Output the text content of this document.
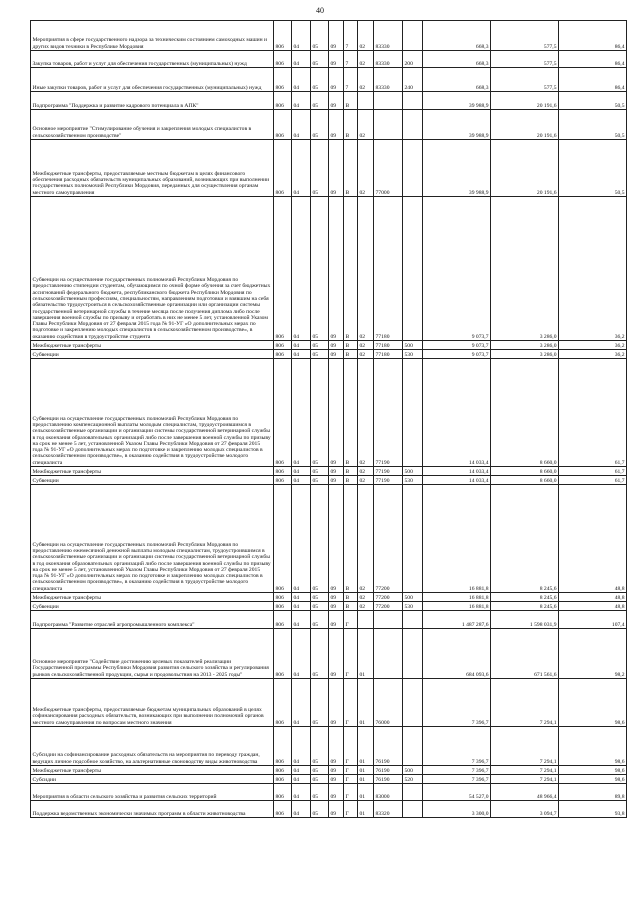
40
Мероприятия в сфере государственного надзора за техническим состоянием самоходных машин и других видов техники в Республике Мордовия	806	04	05	09	7	02	83330		668,3	577,5	86,4
Закупка товаров, работ и услуг для обеспечения государственных (муниципальных) нужд	806	04	05	09	7	02	83330	200	668,3	577,5	86,4
Иные закупки товаров, работ и услуг для обеспечения государственных (муниципальных) нужд	806	04	05	09	7	02	83330	240	668,3	577,5	86,4
Подпрограмма "Поддержка и развитие кадрового потенциала в АПК"	806	04	05	09	В				39 988,9	20 191,6	50,5
Основное мероприятие "Стимулирование обучения и закрепления молодых специалистов в сельскохозяйственном производстве"	806	04	05	09	В	02			39 988,9	20 191,6	50,5
Межбюджетные трансферты, предоставляемые местным бюджетам в целях финансового обеспечения расходных обязательств муниципальных образований, возникающих при выполнении государственных полномочий Республики Мордовия, переданных для осуществления органам местного самоуправления	806	04	05	09	В	02	77000		39 988,9	20 191,6	50,5
Субвенции на осуществление государственных полномочий Республики Мордовия по предоставлению стипендии студентам, обучающимся по очной форме обучения за счет бюджетных ассигнований федерального бюджета, республиканского бюджета Республики Мордовия по сельскохозяйственным профессиям, специальностям, направлениям подготовки и взявшим на себя обязательство трудоустроиться в сельскохозяйственные организации или организации системы государственной ветеринарной службы в течение месяца после получения диплома либо после завершения военной службы по призыву и отработать в них не менее 5 лет, установленной Указом Главы Республики Мордовия от 27 февраля 2015 года № 91-УГ «О дополнительных мерах по подготовке и закреплению молодых специалистов в сельскохозяйственном производстве», в оказанию содействия в трудоустройстве студента	806	04	05	09	В	02	77180		9 073,7	3 286,0	36,2
Межбюджетные трансферты	806	04	05	09	В	02	77180	500	9 073,7	3 286,0	36,2
Субвенции	806	04	05	09	В	02	77180	530	9 073,7	3 286,0	36,2
Субвенции на осуществление государственных полномочий Республики Мордовия по предоставлению компенсационной выплаты молодым специалистам, трудоустроившимся в сельскохозяйственные организации и организации системы государственной ветеринарной службы в год окончания образовательных организаций либо после завершения военной службы по призыву на срок не менее 5 лет, установленной Указом Главы Республики Мордовия от 27 февраля 2015 года № 91-УГ «О дополнительных мерах по подготовке и закреплению молодых специалистов в сельскохозяйственном производстве», в оказанию содействия в трудоустройстве молодого специалиста	806	04	05	09	В	02	77190		14 033,4	8 660,0	61,7
Межбюджетные трансферты	806	04	05	09	В	02	77190	500	14 033,4	8 660,0	61,7
Субвенции	806	04	05	09	В	02	77190	530	14 033,4	8 660,0	61,7
Субвенции на осуществление государственных полномочий Республики Мордовия по предоставлению ежемесячной денежной выплаты молодым специалистам, трудоустроившимся в сельскохозяйственные организации и организации системы государственной ветеринарной службы в год окончания образовательных организаций либо после завершения военной службы по призыву на срок не менее 5 лет, установленной Указом Главы Республики Мордовия от 27 февраля 2015 года № 91-УГ «О дополнительных мерах по подготовке и закреплению молодых специалистов в сельскохозяйственном производстве», в оказанию содействия в трудоустройстве молодого специалиста	806	04	05	09	В	02	77200		16 881,8	8 245,6	48,8
Межбюджетные трансферты	806	04	05	09	В	02	77200	500	16 881,8	8 245,6	48,8
Субвенции	806	04	05	09	В	02	77200	530	16 881,8	8 245,6	48,8
Подпрограмма "Развитие отраслей агропромышленного комплекса"	806	04	05	09	Г				1 487 287,6	1 598 031,9	107,4
Основное мероприятие "Содействие достижению целевых показателей реализации Государственной программы Республики Мордовия развития сельского хозяйства и регулирования рынков сельскохозяйственной продукции, сырья и продовольствия на 2013 - 2025 годы"	806	04	05	09	Г	01			684 093,6	671 561,6	98,2
Межбюджетные трансферты, предоставляемые бюджетам муниципальных образований в целях софинансирования расходных обязательств, возникающих при выполнении полномочий органов местного самоуправления по вопросам местного значения	806	04	05	09	Г	01	76000		7 396,7	7 294,1	98,6
Субсидии на софинансирование расходных обязательств на мероприятия по переводу граждан, ведущих личное подсобное хозяйство, на альтернативные своноводству виды животноводства	806	04	05	09	Г	01	76190		7 396,7	7 294,1	98,6
Межбюджетные трансферты	806	04	05	09	Г	01	76190	500	7 396,7	7 294,1	98,6
Субсидии	806	04	05	09	Г	01	76190	520	7 396,7	7 294,1	98,6
Мероприятия в области сельского хозяйства и развития сельских территорий	806	04	05	09	Г	01	83000		54 527,0	48 966,4	89,8
Поддержка ведомственных экономически значимых программ в области животноводства	806	04	05	09	Г	01	83320		3 300,0	3 094,7	93,8
